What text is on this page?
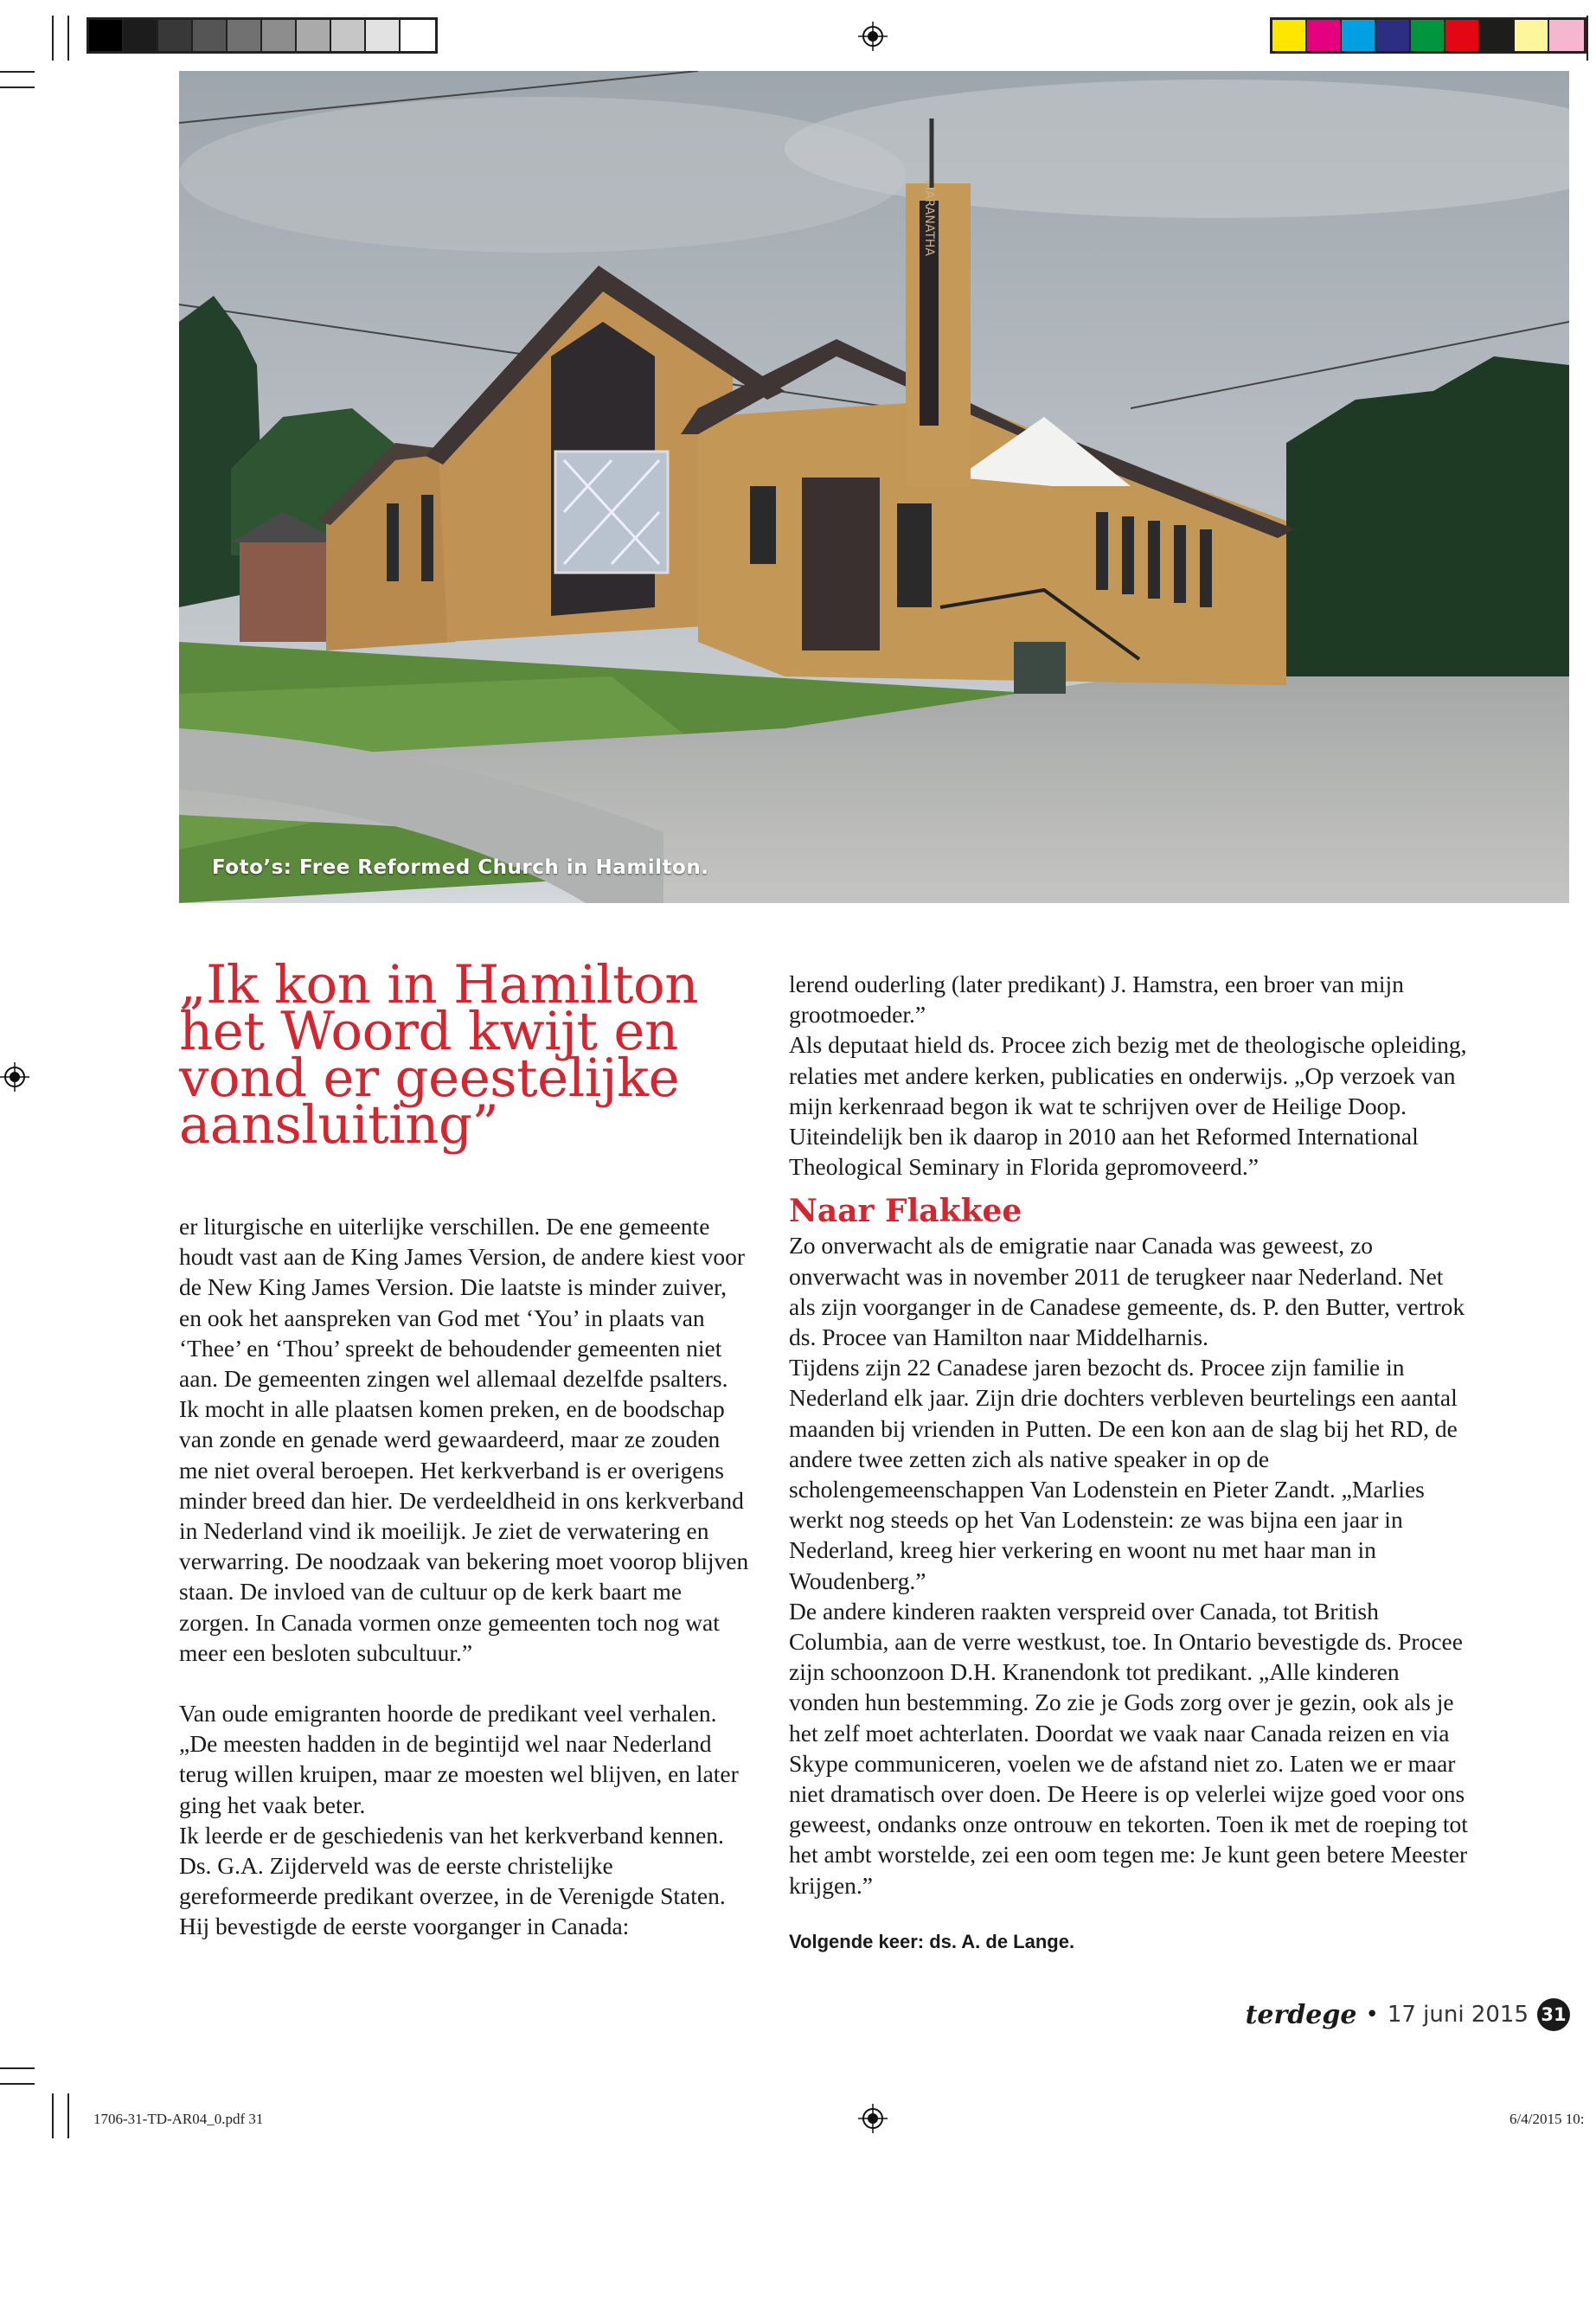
MARANATHA
Foto’s: Free Reformed Church in Hamilton.
„Ik kon in Hamilton
het Woord kwijt en
vond er geestelijke
aansluiting”

er liturgische en uiterlijke verschillen. De ene gemeente houdt vast aan de King James Version, de andere kiest voor de New King James Version. Die laatste is minder zuiver, en ook het aanspreken van God met ‘You’ in plaats van ‘Thee’ en ‘Thou’ spreekt de behoudender gemeenten niet aan. De gemeenten zingen wel allemaal dezelfde psalters. Ik mocht in alle plaatsen komen preken, en de boodschap van zonde en genade werd gewaardeerd, maar ze zouden me niet overal beroepen. Het kerkverband is er overigens minder breed dan hier. De verdeeldheid in ons kerkverband in Nederland vind ik moeilijk. Je ziet de verwatering en verwarring. De noodzaak van bekering moet voorop blijven staan. De invloed van de cultuur op de kerk baart me zorgen. In Canada vormen onze gemeenten toch nog wat meer een besloten subcultuur.”

Van oude emigranten hoorde de predikant veel verhalen. „De meesten hadden in de begintijd wel naar Nederland terug willen kruipen, maar ze moesten wel blijven, en later ging het vaak beter.

Ik leerde er de geschiedenis van het kerkverband kennen. Ds. G.A. Zijderveld was de eerste christelijke gereformeerde predikant overzee, in de Verenigde Staten. Hij bevestigde de eerste voorganger in Canada:

lerend ouderling (later predikant) J. Hamstra, een broer van mijn grootmoeder.”

Als deputaat hield ds. Procee zich bezig met de theologische opleiding, relaties met andere kerken, publicaties en onderwijs. „Op verzoek van mijn kerkenraad begon ik wat te schrijven over de Heilige Doop. Uiteindelijk ben ik daarop in 2010 aan het Reformed International Theological Seminary in Florida gepromoveerd.”

Naar Flakkee

Zo onverwacht als de emigratie naar Canada was geweest, zo onverwacht was in november 2011 de terugkeer naar Nederland. Net als zijn voorganger in de Canadese gemeente, ds. P. den Butter, vertrok ds. Procee van Hamilton naar Middelharnis.

Tijdens zijn 22 Canadese jaren bezocht ds. Procee zijn familie in Nederland elk jaar. Zijn drie dochters verbleven beurtelings een aantal maanden bij vrienden in Putten. De een kon aan de slag bij het RD, de andere twee zetten zich als native speaker in op de scholengemeenschappen Van Lodenstein en Pieter Zandt. „Marlies werkt nog steeds op het Van Lodenstein: ze was bijna een jaar in Nederland, kreeg hier verkering en woont nu met haar man in Woudenberg.”

De andere kinderen raakten verspreid over Canada, tot British Columbia, aan de verre westkust, toe. In Ontario bevestigde ds. Procee zijn schoonzoon D.H. Kranendonk tot predikant. „Alle kinderen vonden hun bestemming. Zo zie je Gods zorg over je gezin, ook als je het zelf moet achterlaten. Doordat we vaak naar Canada reizen en via Skype communiceren, voelen we de afstand niet zo. Laten we er maar niet dramatisch over doen. De Heere is op velerlei wijze goed voor ons geweest, ondanks onze ontrouw en tekorten. Toen ik met de roeping tot het ambt worstelde, zei een oom tegen me: Je kunt geen betere Meester krijgen.”

Volgende keer: ds. A. de Lange.

terdege • 17 juni 2015 31
1706-31-TD-AR04_0.pdf 31	6/4/2015 10:
